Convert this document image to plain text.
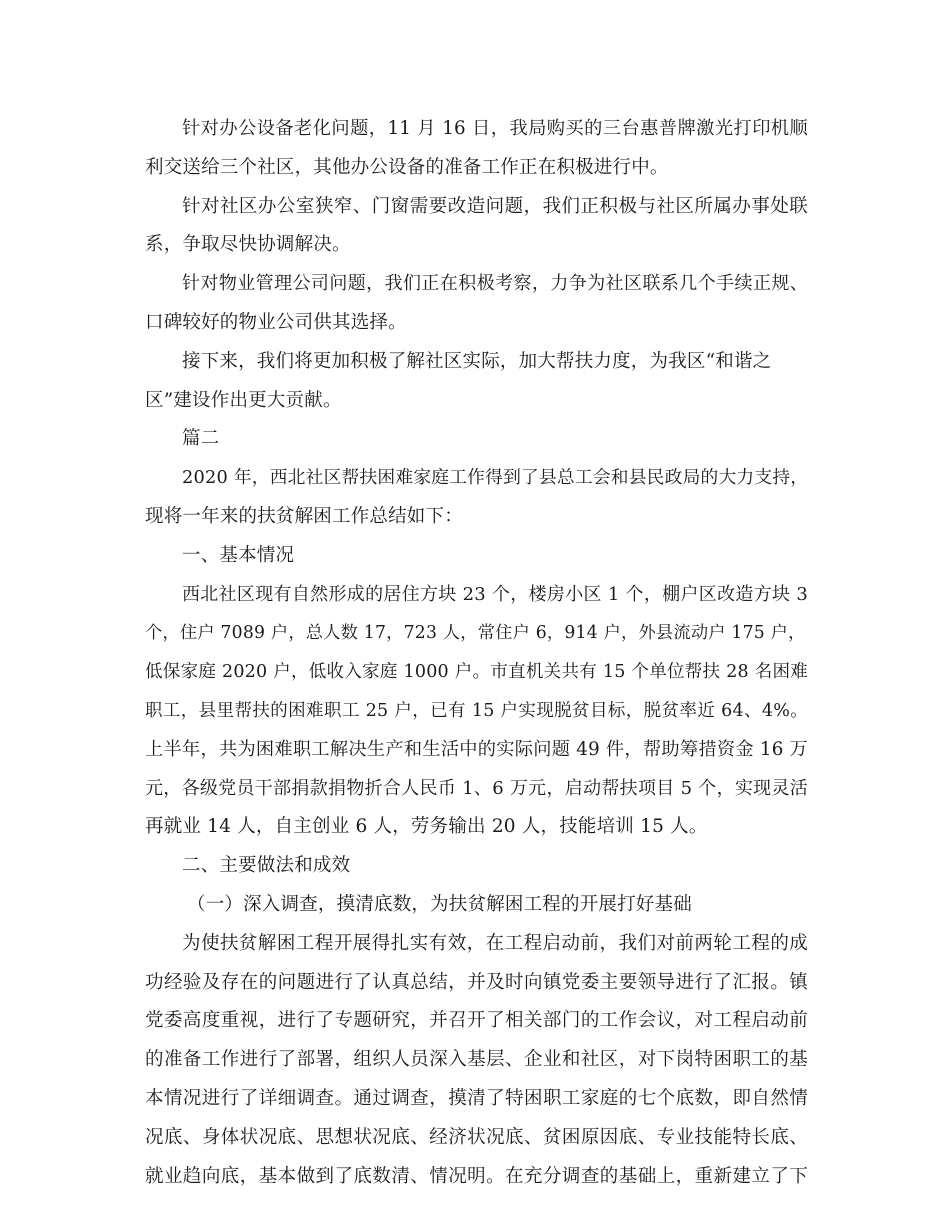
针对办公设备老化问题，11 月 16 日，我局购买的三台惠普牌激光打印机顺
利交送给三个社区，其他办公设备的准备工作正在积极进行中。
针对社区办公室狭窄、门窗需要改造问题，我们正积极与社区所属办事处联
系，争取尽快协调解决。
针对物业管理公司问题，我们正在积极考察，力争为社区联系几个手续正规、
口碑较好的物业公司供其选择。
接下来，我们将更加积极了解社区实际，加大帮扶力度，为我区“和谐之
区”建设作出更大贡献。
篇二
2020 年，西北社区帮扶困难家庭工作得到了县总工会和县民政局的大力支持，
现将一年来的扶贫解困工作总结如下：
一、基本情况
西北社区现有自然形成的居住方块 23 个，楼房小区 1 个，棚户区改造方块 3
个，住户 7089 户，总人数 17，723 人，常住户 6，914 户，外县流动户 175 户，
低保家庭 2020 户，低收入家庭 1000 户。市直机关共有 15 个单位帮扶 28 名困难
职工，县里帮扶的困难职工 25 户，已有 15 户实现脱贫目标，脱贫率近 64、4%。
上半年，共为困难职工解决生产和生活中的实际问题 49 件，帮助筹措资金 16 万
元，各级党员干部捐款捐物折合人民币 1、6 万元，启动帮扶项目 5 个，实现灵活
再就业 14 人，自主创业 6 人，劳务输出 20 人，技能培训 15 人。
二、主要做法和成效
（一）深入调查，摸清底数，为扶贫解困工程的开展打好基础
为使扶贫解困工程开展得扎实有效，在工程启动前，我们对前两轮工程的成
功经验及存在的问题进行了认真总结，并及时向镇党委主要领导进行了汇报。镇
党委高度重视，进行了专题研究，并召开了相关部门的工作会议，对工程启动前
的准备工作进行了部署，组织人员深入基层、企业和社区，对下岗特困职工的基
本情况进行了详细调查。通过调查，摸清了特困职工家庭的七个底数，即自然情
况底、身体状况底、思想状况底、经济状况底、贫困原因底、专业技能特长底、
就业趋向底，基本做到了底数清、情况明。在充分调查的基础上，重新建立了下
